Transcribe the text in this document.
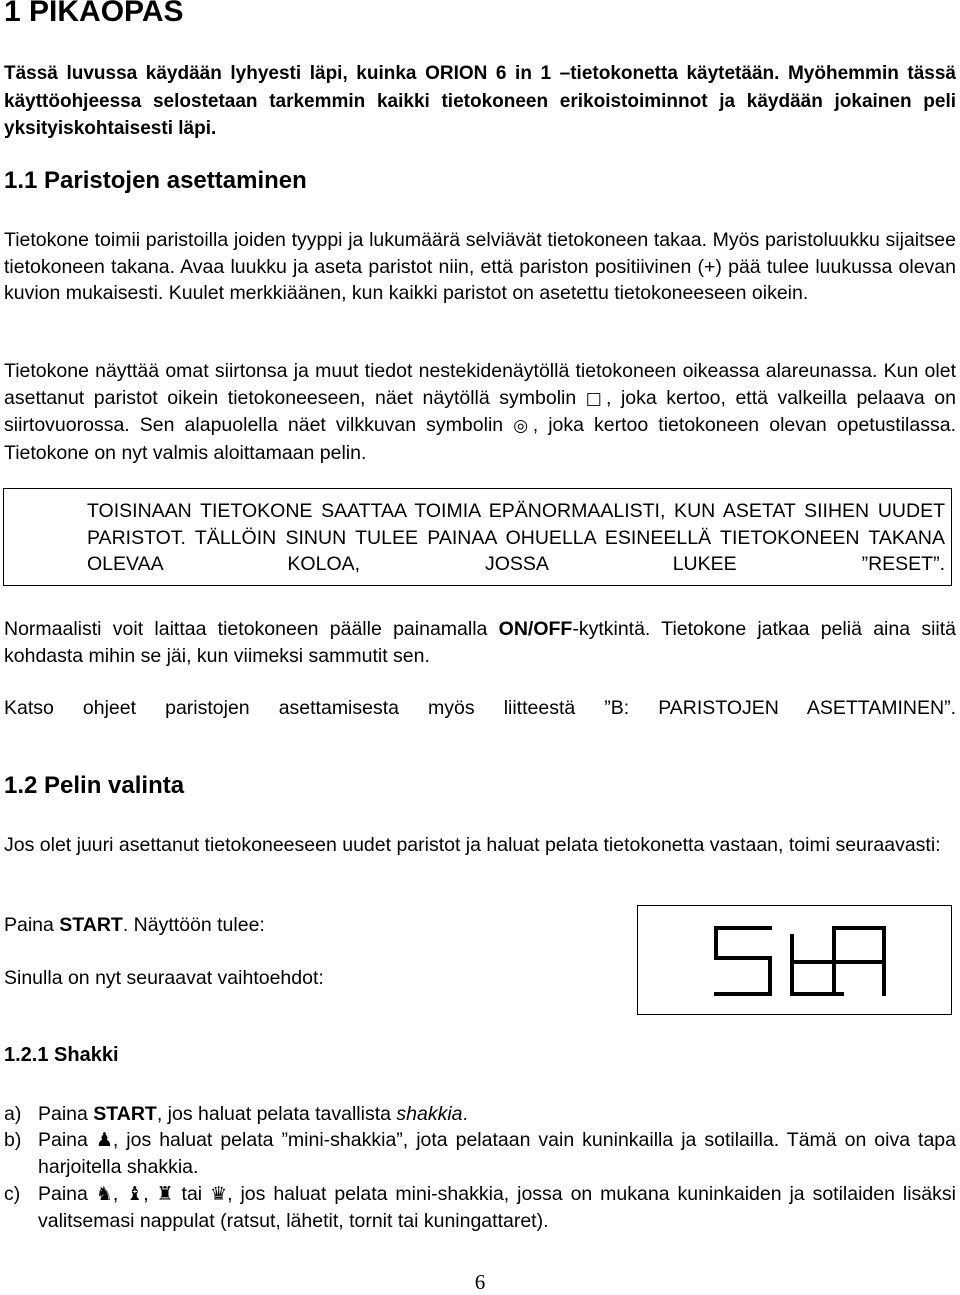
1 PIKAOPAS
Tässä luvussa käydään lyhyesti läpi, kuinka ORION 6 in 1 –tietokonetta käytetään. Myöhemmin tässä käyttöohjeessa selostetaan tarkemmin kaikki tietokoneen erikoistoiminnot ja käydään jokainen peli yksityiskohtaisesti läpi.
1.1 Paristojen asettaminen
Tietokone toimii paristoilla joiden tyyppi ja lukumäärä selviävät tietokoneen takaa. Myös paristoluukku sijaitsee tietokoneen takana. Avaa luukku ja aseta paristot niin, että pariston positiivinen (+) pää tulee luukussa olevan kuvion mukaisesti. Kuulet merkkiäänen, kun kaikki paristot on asetettu tietokoneeseen oikein.
Tietokone näyttää omat siirtonsa ja muut tiedot nestekidenäytöllä tietokoneen oikeassa alareunassa. Kun olet asettanut paristot oikein tietokoneeseen, näet näytöllä symbolin □, joka kertoo, että valkeilla pelaava on siirtovuorossa. Sen alapuolella näet vilkkuvan symbolin ◎, joka kertoo tietokoneen olevan opetustilassa. Tietokone on nyt valmis aloittamaan pelin.
TOISINAAN TIETOKONE SAATTAA TOIMIA EPÄNORMAALISTI, KUN ASETAT SIIHEN UUDET PARISTOT. TÄLLÖIN SINUN TULEE PAINAA OHUELLA ESINEELLÄ TIETOKONEEN TAKANA OLEVAA KOLOA, JOSSA LUKEE ”RESET”.
Normaalisti voit laittaa tietokoneen päälle painamalla ON/OFF-kytkintä. Tietokone jatkaa peliä aina siitä kohdasta mihin se jäi, kun viimeksi sammutit sen.
Katso ohjeet paristojen asettamisesta myös liitteestä ”B: PARISTOJEN ASETTAMINEN”.
1.2 Pelin valinta
Jos olet juuri asettanut tietokoneeseen uudet paristot ja haluat pelata tietokonetta vastaan, toimi seuraavasti:
Paina START. Näyttöön tulee:
Sinulla on nyt seuraavat vaihtoehdot:
1.2.1 Shakki
a) Paina START, jos haluat pelata tavallista shakkia.
b) Paina ♟, jos haluat pelata ”mini-shakkia”, jota pelataan vain kuninkailla ja sotilailla. Tämä on oiva tapa harjoitella shakkia.
c) Paina ♞, ♝, ♜ tai ♛, jos haluat pelata mini-shakkia, jossa on mukana kuninkaiden ja sotilaiden lisäksi valitsemasi nappulat (ratsut, lähetit, tornit tai kuningattaret).
6
